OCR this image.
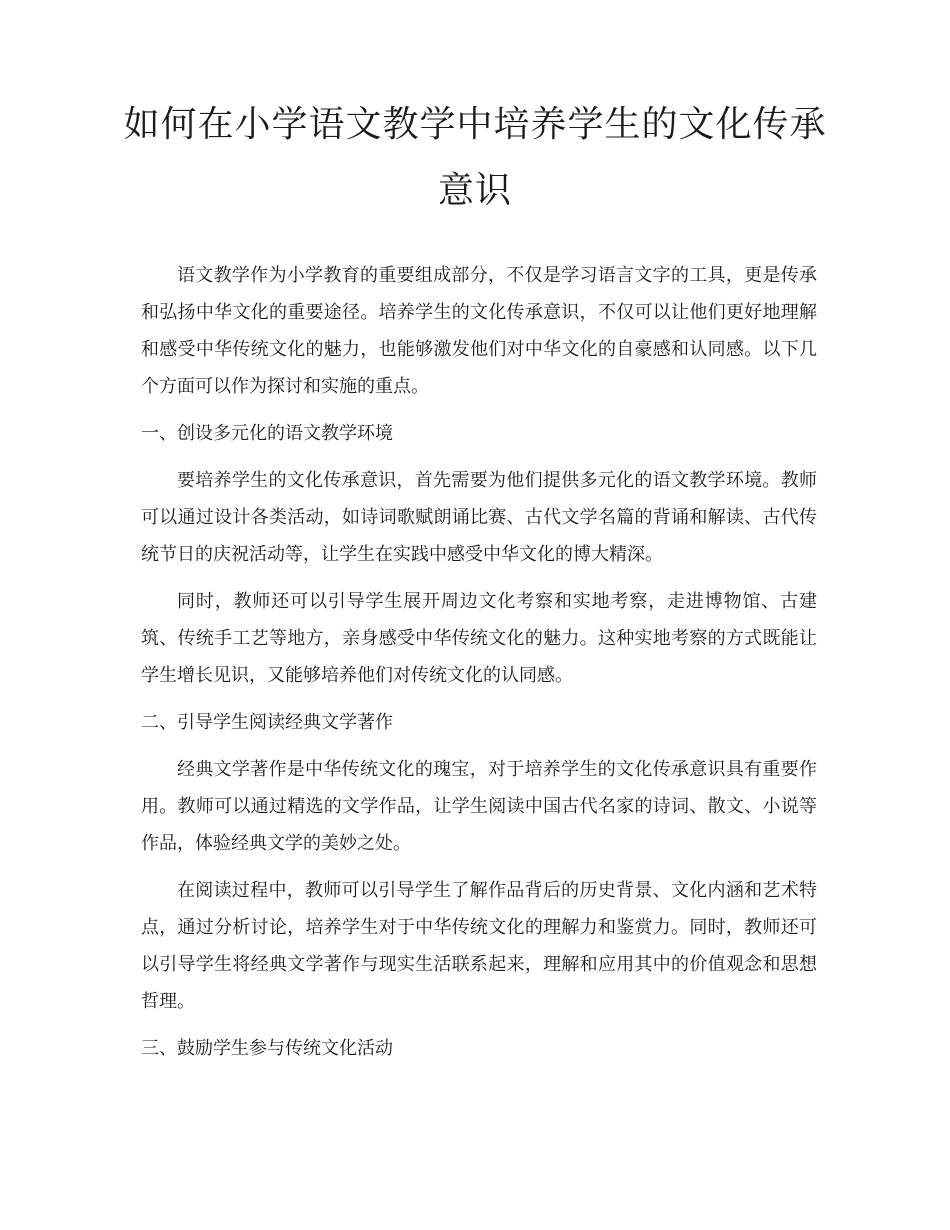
如何在小学语文教学中培养学生的文化传承意识

语文教学作为小学教育的重要组成部分，不仅是学习语言文字的工具，更是传承和弘扬中华文化的重要途径。培养学生的文化传承意识，不仅可以让他们更好地理解和感受中华传统文化的魅力，也能够激发他们对中华文化的自豪感和认同感。以下几个方面可以作为探讨和实施的重点。

一、创设多元化的语文教学环境

要培养学生的文化传承意识，首先需要为他们提供多元化的语文教学环境。教师可以通过设计各类活动，如诗词歌赋朗诵比赛、古代文学名篇的背诵和解读、古代传统节日的庆祝活动等，让学生在实践中感受中华文化的博大精深。

同时，教师还可以引导学生展开周边文化考察和实地考察，走进博物馆、古建筑、传统手工艺等地方，亲身感受中华传统文化的魅力。这种实地考察的方式既能让学生增长见识，又能够培养他们对传统文化的认同感。

二、引导学生阅读经典文学著作

经典文学著作是中华传统文化的瑰宝，对于培养学生的文化传承意识具有重要作用。教师可以通过精选的文学作品，让学生阅读中国古代名家的诗词、散文、小说等作品，体验经典文学的美妙之处。

在阅读过程中，教师可以引导学生了解作品背后的历史背景、文化内涵和艺术特点，通过分析讨论，培养学生对于中华传统文化的理解力和鉴赏力。同时，教师还可以引导学生将经典文学著作与现实生活联系起来，理解和应用其中的价值观念和思想哲理。

三、鼓励学生参与传统文化活动
